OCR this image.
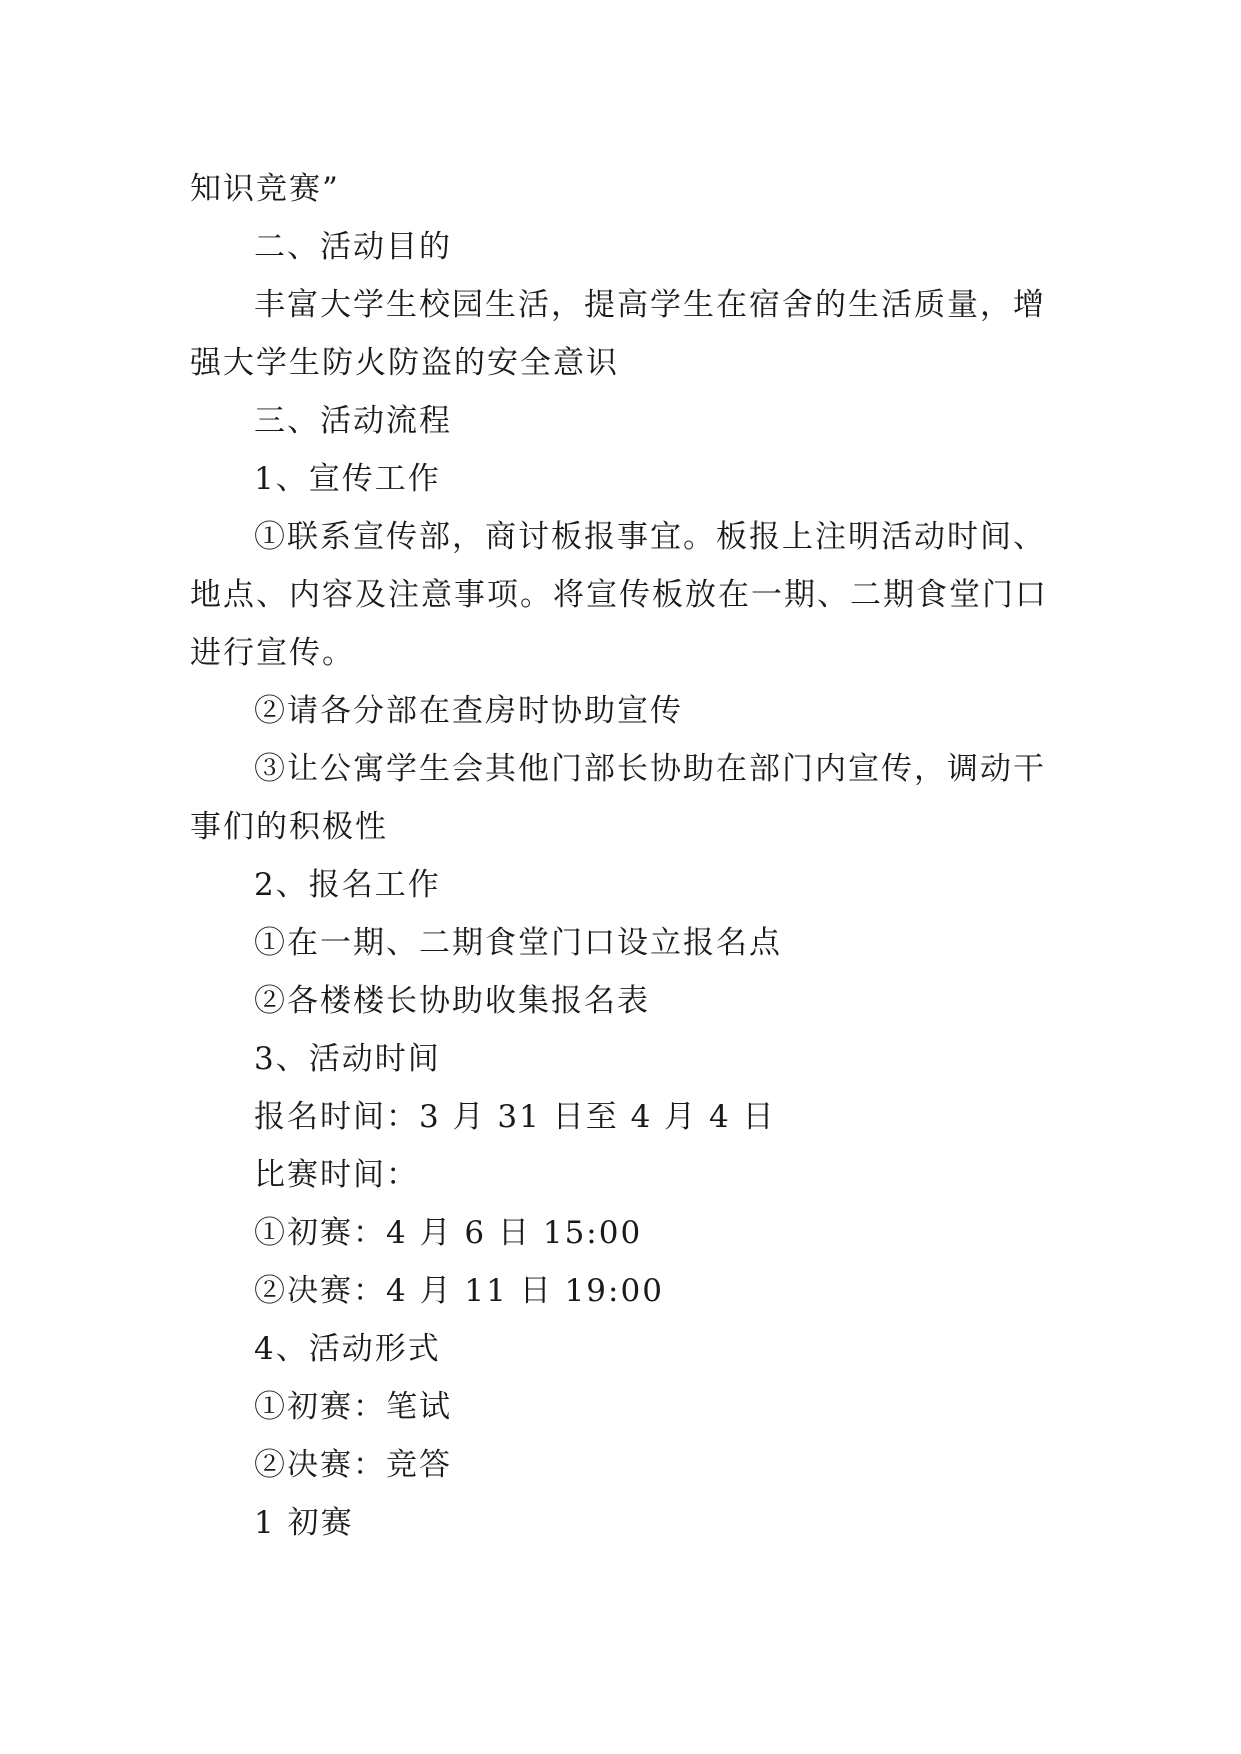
知识竞赛”
二、活动目的
丰富大学生校园生活，提高学生在宿舍的生活质量，增
强大学生防火防盗的安全意识
三、活动流程
1、宣传工作
①联系宣传部，商讨板报事宜。板报上注明活动时间、
地点、内容及注意事项。将宣传板放在一期、二期食堂门口
进行宣传。
②请各分部在查房时协助宣传
③让公寓学生会其他门部长协助在部门内宣传，调动干
事们的积极性
2、报名工作
①在一期、二期食堂门口设立报名点
②各楼楼长协助收集报名表
3、活动时间
报名时间：3 月 31 日至 4 月 4 日
比赛时间：
①初赛：4 月 6 日 15:00
②决赛：4 月 11 日 19:00
4、活动形式
①初赛：笔试
②决赛：竞答
1 初赛
